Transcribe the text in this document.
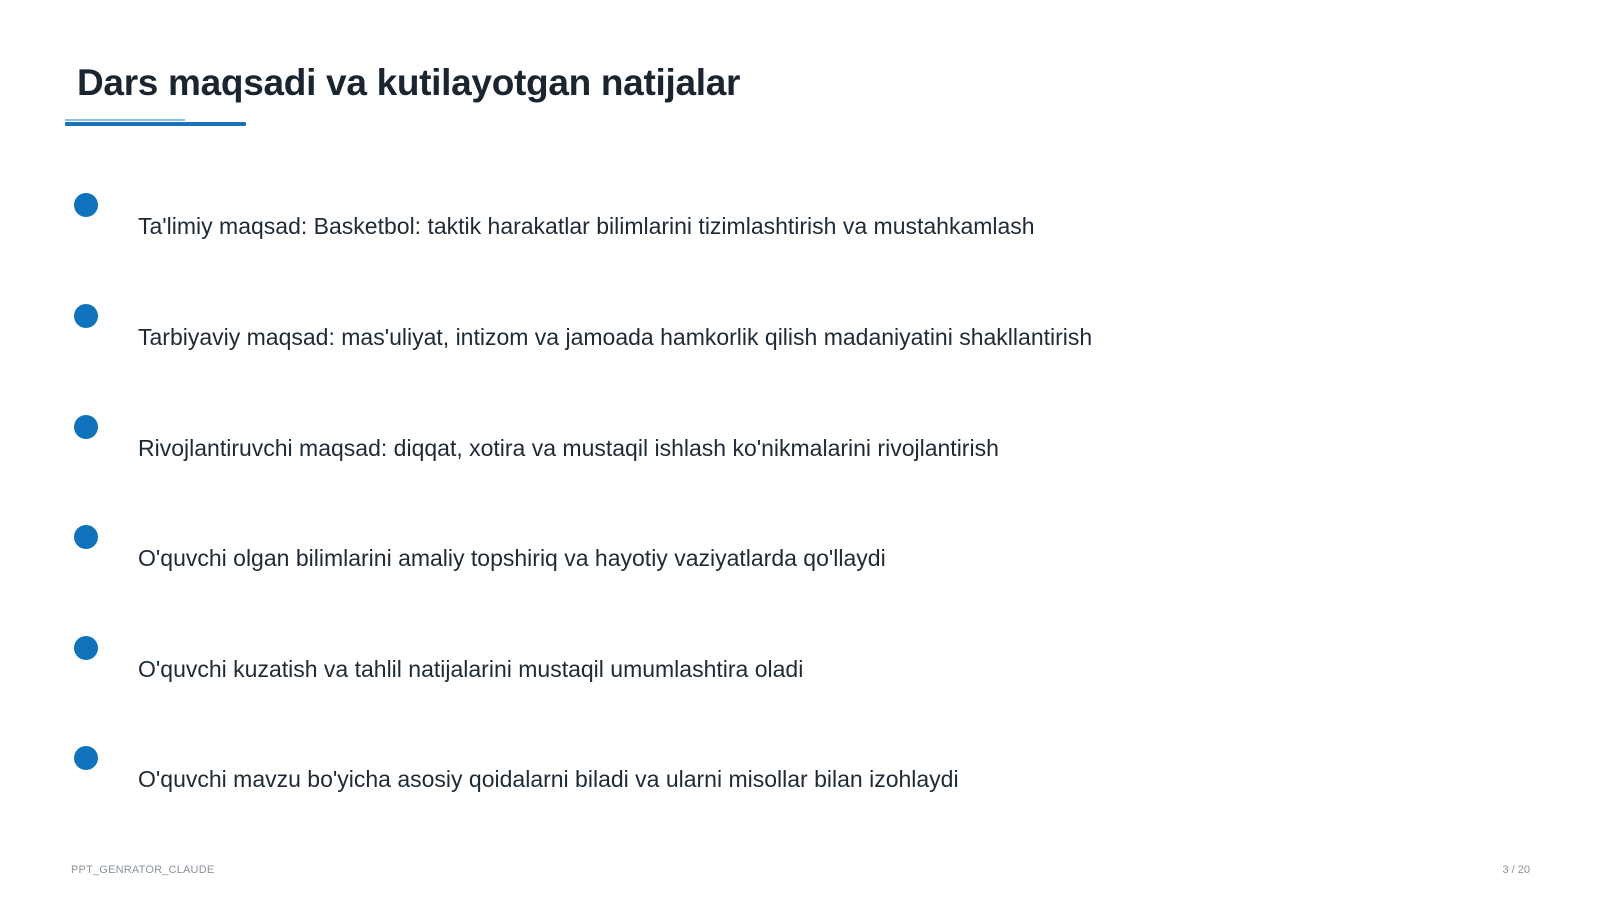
Dars maqsadi va kutilayotgan natijalar
Ta'limiy maqsad: Basketbol: taktik harakatlar bilimlarini tizimlashtirish va mustahkamlash
Tarbiyaviy maqsad: mas'uliyat, intizom va jamoada hamkorlik qilish madaniyatini shakllantirish
Rivojlantiruvchi maqsad: diqqat, xotira va mustaqil ishlash ko'nikmalarini rivojlantirish
O'quvchi olgan bilimlarini amaliy topshiriq va hayotiy vaziyatlarda qo'llaydi
O'quvchi kuzatish va tahlil natijalarini mustaqil umumlashtira oladi
O'quvchi mavzu bo'yicha asosiy qoidalarni biladi va ularni misollar bilan izohlaydi
PPT_GENRATOR_CLAUDE	3 / 20
